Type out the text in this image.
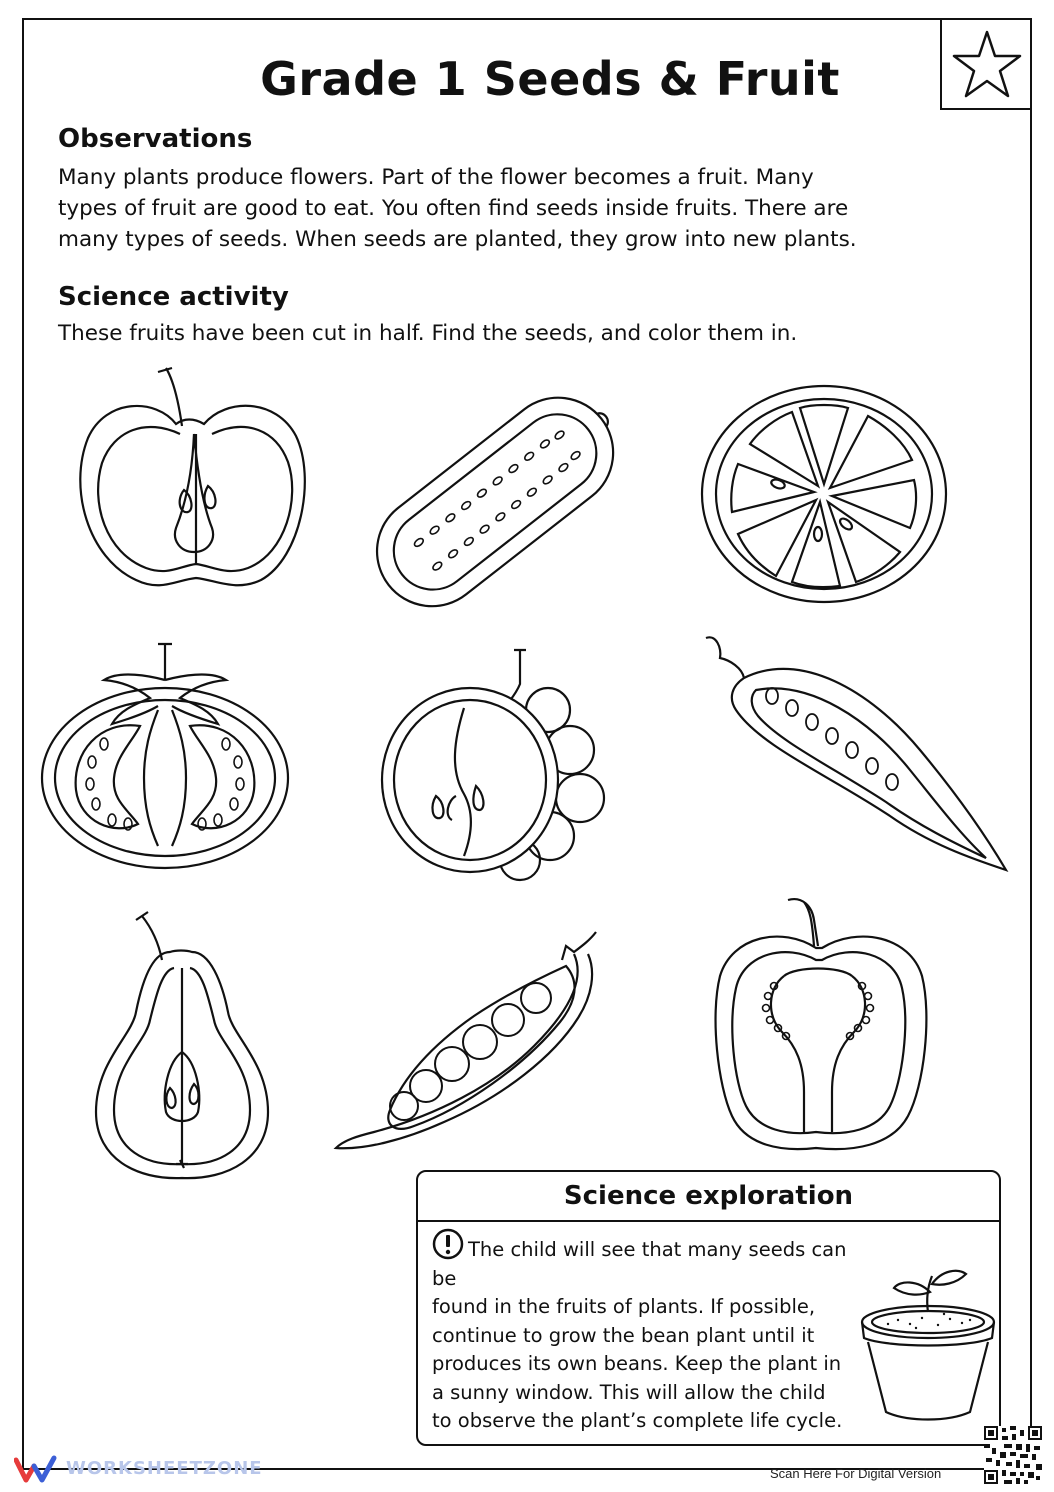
Grade 1 Seeds & Fruit
Observations

Many plants produce flowers. Part of the flower becomes a fruit. Many
types of fruit are good to eat. You often find seeds inside fruits. There are
many types of seeds. When seeds are planted, they grow into new plants.

Science activity

These fruits have been cut in half. Find the seeds, and color them in.

Science exploration
The child will see that many seeds can be
found in the fruits of plants. If possible,
continue to grow the bean plant until it
produces its own beans. Keep the plant in
a sunny window. This will allow the child
to observe the plant’s complete life cycle.
WORKSHEETZONE	Scan Here For Digital Version
